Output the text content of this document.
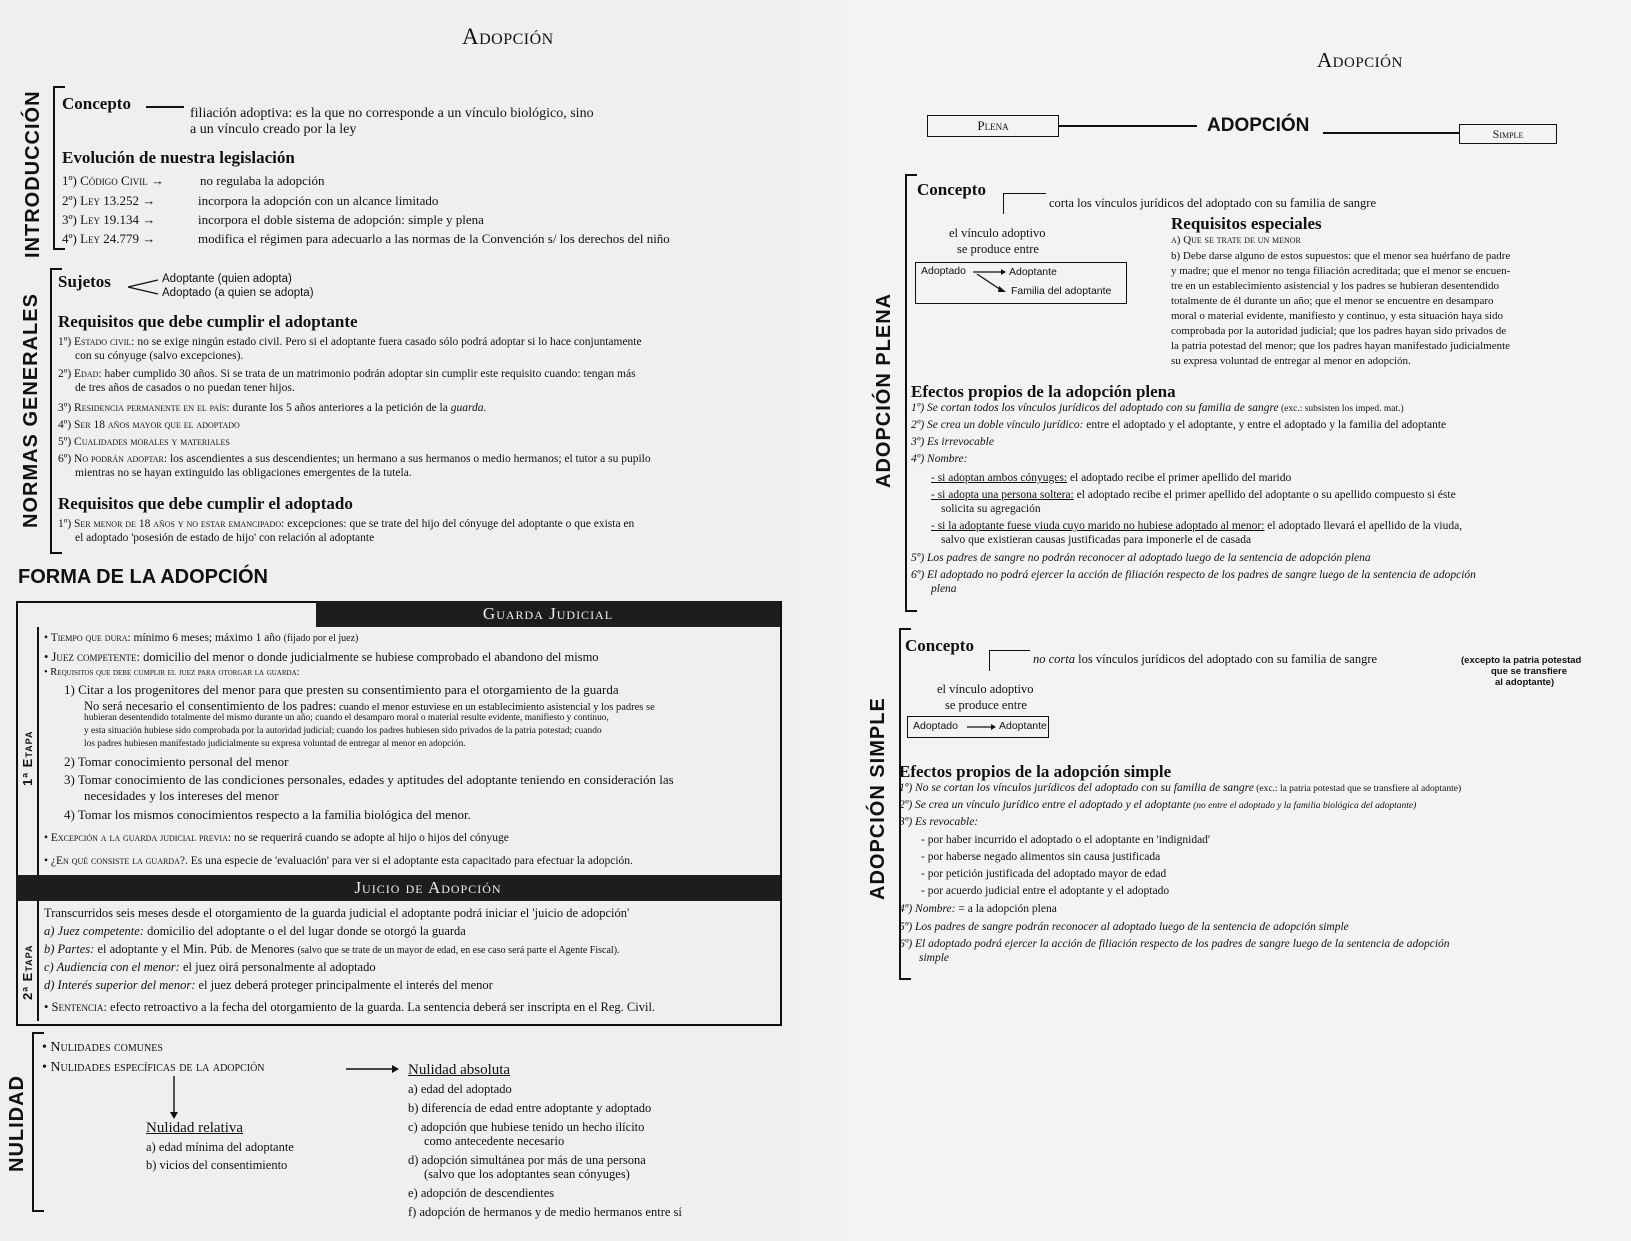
Adopción
INTRODUCCIÓN Concepto
filiación adoptiva: es la que no corresponde a un vínculo biológico, sino
a un vínculo creado por la ley
Evolución de nuestra legislación
1º) Código Civil →	no regulaba la adopción
2º) Ley 13.252 →	incorpora la adopción con un alcance limitado
3º) Ley 19.134 →	incorpora el doble sistema de adopción: simple y plena
4º) Ley 24.779 →	modifica el régimen para adecuarlo a las normas de la Convención s/ los derechos del niño
NORMAS GENERALES
Sujetos	Adoptante (quien adopta)
Adoptado (a quien se adopta)
Requisitos que debe cumplir el adoptante
1º) Estado civil: no se exige ningún estado civil. Pero si el adoptante fuera casado sólo podrá adoptar si lo hace conjuntamente
con su cónyuge (salvo excepciones).
2º) Edad: haber cumplido 30 años. Si se trata de un matrimonio podrán adoptar sin cumplir este requisito cuando: tengan más
de tres años de casados o no puedan tener hijos.
3º) Residencia permanente en el país: durante los 5 años anteriores a la petición de la guarda.
4º) Ser 18 años mayor que el adoptado
5º) Cualidades morales y materiales
6º) No podrán adoptar: los ascendientes a sus descendientes; un hermano a sus hermanos o medio hermanos; el tutor a su pupilo
mientras no se hayan extinguido las obligaciones emergentes de la tutela.
Requisitos que debe cumplir el adoptado
1º) Ser menor de 18 años y no estar emancipado: excepciones: que se trate del hijo del cónyuge del adoptante o que exista en
el adoptado 'posesión de estado de hijo' con relación al adoptante
FORMA DE LA ADOPCIÓN
Guarda Judicial
1ª Etapa
• Tiempo que dura: mínimo 6 meses; máximo 1 año (fijado por el juez)
• Juez competente: domicilio del menor o donde judicialmente se hubiese comprobado el abandono del mismo
• Requisitos que debe cumplir el juez para otorgar la guarda:
1) Citar a los progenitores del menor para que presten su consentimiento para el otorgamiento de la guarda
No será necesario el consentimiento de los padres: cuando el menor estuviese en un establecimiento asistencial y los padres se
hubieran desentendido totalmente del mismo durante un año; cuando el desamparo moral o material resulte evidente, manifiesto y continuo,
y esta situación hubiese sido comprobada por la autoridad judicial; cuando los padres hubiesen sido privados de la patria potestad; cuando
los padres hubiesen manifestado judicialmente su expresa voluntad de entregar al menor en adopción.
2) Tomar conocimiento personal del menor
3) Tomar conocimiento de las condiciones personales, edades y aptitudes del adoptante teniendo en consideración las
necesidades y los intereses del menor
4) Tomar los mismos conocimientos respecto a la familia biológica del menor.
• Excepción a la guarda judicial previa: no se requerirá cuando se adopte al hijo o hijos del cónyuge
• ¿En qué consiste la guarda?. Es una especie de 'evaluación' para ver si el adoptante esta capacitado para efectuar la adopción.
Juicio de Adopción
2ª Etapa
Transcurridos seis meses desde el otorgamiento de la guarda judicial el adoptante podrá iniciar el 'juicio de adopción'
a) Juez competente: domicilio del adoptante o el del lugar donde se otorgó la guarda
b) Partes: el adoptante y el Min. Púb. de Menores (salvo que se trate de un mayor de edad, en ese caso será parte el Agente Fiscal).
c) Audiencia con el menor: el juez oirá personalmente al adoptado
d) Interés superior del menor: el juez deberá proteger principalmente el interés del menor
• Sentencia: efecto retroactivo a la fecha del otorgamiento de la guarda. La sentencia deberá ser inscripta en el Reg. Civil.
NULIDAD
• Nulidades comunes
• Nulidades específicas de la adopción	Nulidad absoluta
a) edad del adoptado
b) diferencia de edad entre adoptante y adoptado
c) adopción que hubiese tenido un hecho ilícito
como antecedente necesario
d) adopción simultánea por más de una persona
(salvo que los adoptantes sean cónyuges)
e) adopción de descendientes
f) adopción de hermanos y de medio hermanos entre sí
Nulidad relativa
a) edad mínima del adoptante
b) vicios del consentimiento
Adopción
Plena	ADOPCIÓN	Simple
ADOPCIÓN PLENA
Concepto
corta los vínculos jurídicos del adoptado con su familia de sangre
el vínculo adoptivo
se produce entre
Adoptado	Adoptante
Familia del adoptante
Requisitos especiales
a) Que se trate de un menor
b) Debe darse alguno de estos supuestos: que el menor sea huérfano de padre
y madre; que el menor no tenga filiación acreditada; que el menor se encuen-
tre en un establecimiento asistencial y los padres se hubieran desentendido
totalmente de él durante un año; que el menor se encuentre en desamparo
moral o material evidente, manifiesto y continuo, y esta situación haya sido
comprobada por la autoridad judicial; que los padres hayan sido privados de
la patria potestad del menor; que los padres hayan manifestado judicialmente
su expresa voluntad de entregar al menor en adopción.
Efectos propios de la adopción plena
1º) Se cortan todos los vínculos jurídicos del adoptado con su familia de sangre (exc.: subsisten los imped. mat.)
2º) Se crea un doble vínculo jurídico: entre el adoptado y el adoptante, y entre el adoptado y la familia del adoptante
3º) Es irrevocable
4º) Nombre:
- si adoptan ambos cónyuges: el adoptado recibe el primer apellido del marido
- si adopta una persona soltera: el adoptado recibe el primer apellido del adoptante o su apellido compuesto si éste
solicita su agregación
- si la adoptante fuese viuda cuyo marido no hubiese adoptado al menor: el adoptado llevará el apellido de la viuda,
salvo que existieran causas justificadas para imponerle el de casada
5º) Los padres de sangre no podrán reconocer al adoptado luego de la sentencia de adopción plena
6º) El adoptado no podrá ejercer la acción de filiación respecto de los padres de sangre luego de la sentencia de adopción
plena
ADOPCIÓN SIMPLE
Concepto
no corta los vínculos jurídicos del adoptado con su familia de sangre	(excepto la patria potestad
que se transfiere
al adoptante)
el vínculo adoptivo
se produce entre
Adoptado	Adoptante
Efectos propios de la adopción simple
1º) No se cortan los vínculos jurídicos del adoptado con su familia de sangre (exc.: la patria potestad que se transfiere al adoptante)
2º) Se crea un vínculo jurídico entre el adoptado y el adoptante (no entre el adoptado y la familia biológica del adoptante)
3º) Es revocable:
- por haber incurrido el adoptado o el adoptante en 'indignidad'
- por haberse negado alimentos sin causa justificada
- por petición justificada del adoptado mayor de edad
- por acuerdo judicial entre el adoptante y el adoptado
4º) Nombre: = a la adopción plena
5º) Los padres de sangre podrán reconocer al adoptado luego de la sentencia de adopción simple
6º) El adoptado podrá ejercer la acción de filiación respecto de los padres de sangre luego de la sentencia de adopción
simple
